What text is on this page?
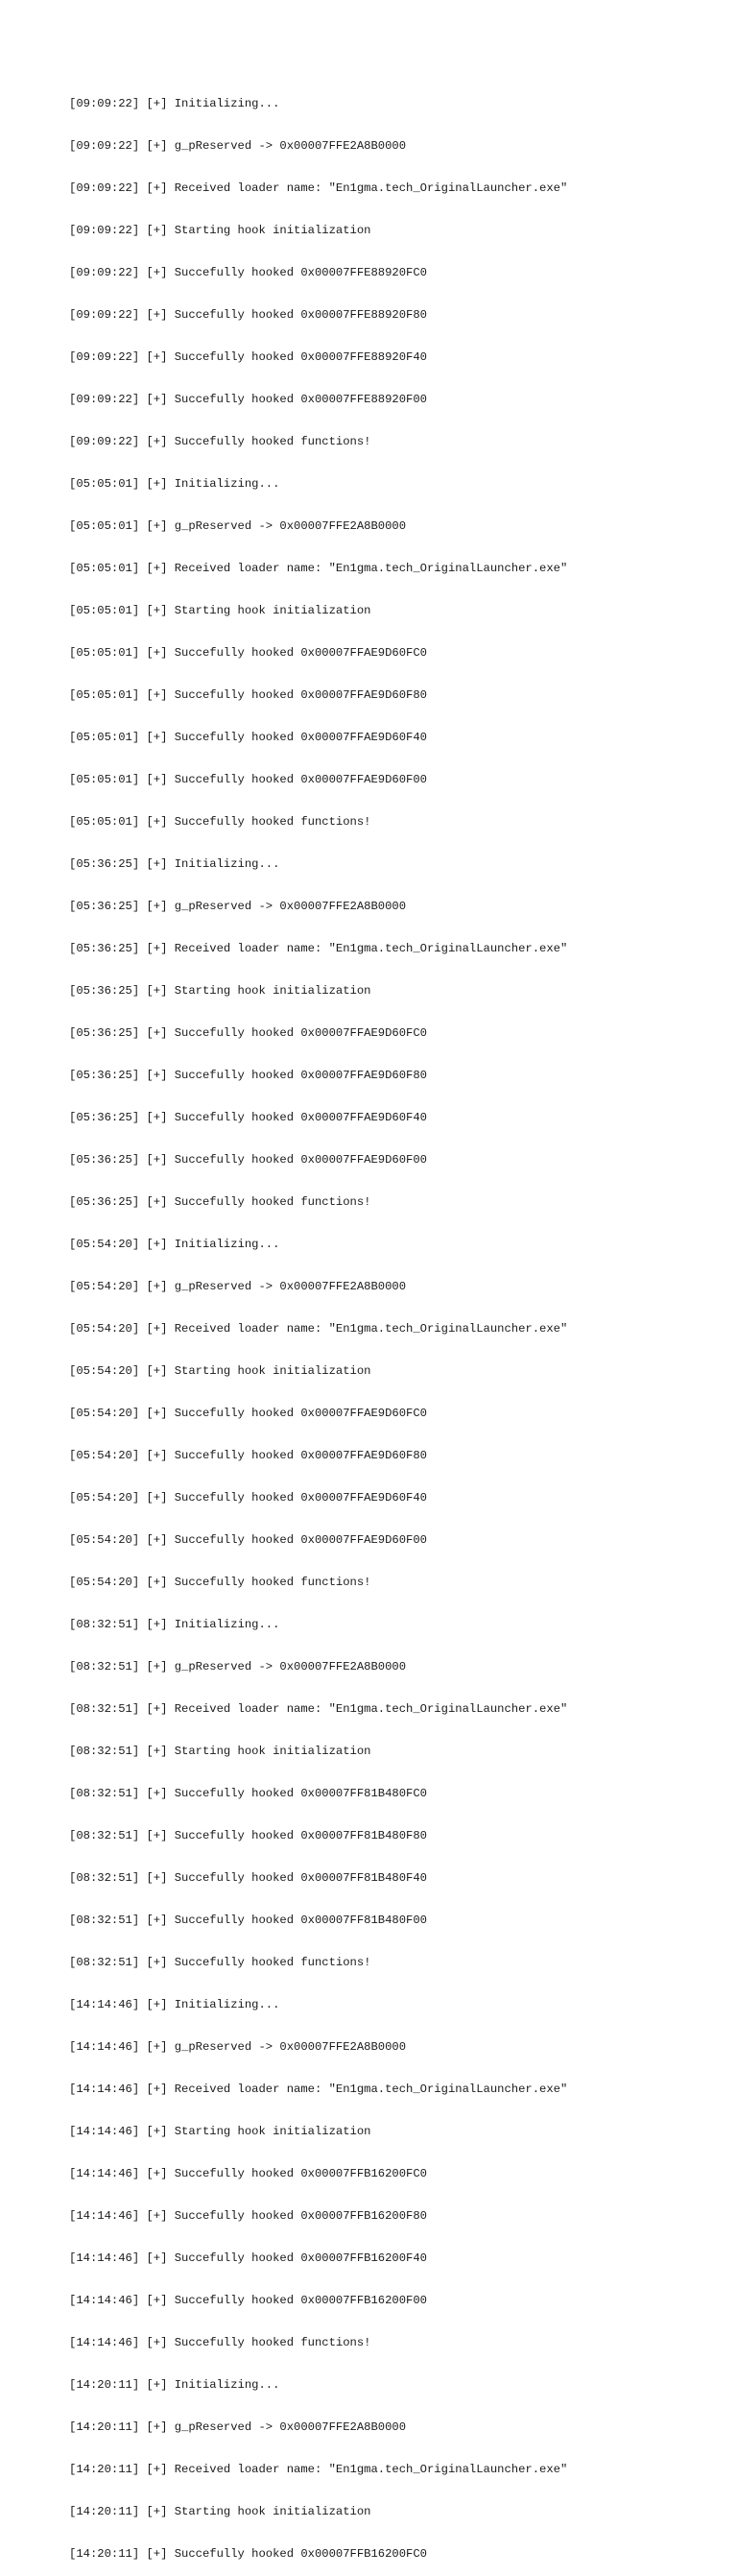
[09:09:22] [+] Initializing...

[09:09:22] [+] g_pReserved -> 0x00007FFE2A8B0000

[09:09:22] [+] Received loader name: "En1gma.tech_OriginalLauncher.exe"

[09:09:22] [+] Starting hook initialization

[09:09:22] [+] Succefully hooked 0x00007FFE88920FC0

[09:09:22] [+] Succefully hooked 0x00007FFE88920F80

[09:09:22] [+] Succefully hooked 0x00007FFE88920F40

[09:09:22] [+] Succefully hooked 0x00007FFE88920F00

[09:09:22] [+] Succefully hooked functions!

[05:05:01] [+] Initializing...

[05:05:01] [+] g_pReserved -> 0x00007FFE2A8B0000

[05:05:01] [+] Received loader name: "En1gma.tech_OriginalLauncher.exe"

[05:05:01] [+] Starting hook initialization

[05:05:01] [+] Succefully hooked 0x00007FFAE9D60FC0

[05:05:01] [+] Succefully hooked 0x00007FFAE9D60F80

[05:05:01] [+] Succefully hooked 0x00007FFAE9D60F40

[05:05:01] [+] Succefully hooked 0x00007FFAE9D60F00

[05:05:01] [+] Succefully hooked functions!

[05:36:25] [+] Initializing...

[05:36:25] [+] g_pReserved -> 0x00007FFE2A8B0000

[05:36:25] [+] Received loader name: "En1gma.tech_OriginalLauncher.exe"

[05:36:25] [+] Starting hook initialization

[05:36:25] [+] Succefully hooked 0x00007FFAE9D60FC0

[05:36:25] [+] Succefully hooked 0x00007FFAE9D60F80

[05:36:25] [+] Succefully hooked 0x00007FFAE9D60F40

[05:36:25] [+] Succefully hooked 0x00007FFAE9D60F00

[05:36:25] [+] Succefully hooked functions!

[05:54:20] [+] Initializing...

[05:54:20] [+] g_pReserved -> 0x00007FFE2A8B0000

[05:54:20] [+] Received loader name: "En1gma.tech_OriginalLauncher.exe"

[05:54:20] [+] Starting hook initialization

[05:54:20] [+] Succefully hooked 0x00007FFAE9D60FC0

[05:54:20] [+] Succefully hooked 0x00007FFAE9D60F80

[05:54:20] [+] Succefully hooked 0x00007FFAE9D60F40

[05:54:20] [+] Succefully hooked 0x00007FFAE9D60F00

[05:54:20] [+] Succefully hooked functions!

[08:32:51] [+] Initializing...

[08:32:51] [+] g_pReserved -> 0x00007FFE2A8B0000

[08:32:51] [+] Received loader name: "En1gma.tech_OriginalLauncher.exe"

[08:32:51] [+] Starting hook initialization

[08:32:51] [+] Succefully hooked 0x00007FF81B480FC0

[08:32:51] [+] Succefully hooked 0x00007FF81B480F80

[08:32:51] [+] Succefully hooked 0x00007FF81B480F40

[08:32:51] [+] Succefully hooked 0x00007FF81B480F00

[08:32:51] [+] Succefully hooked functions!

[14:14:46] [+] Initializing...

[14:14:46] [+] g_pReserved -> 0x00007FFE2A8B0000

[14:14:46] [+] Received loader name: "En1gma.tech_OriginalLauncher.exe"

[14:14:46] [+] Starting hook initialization

[14:14:46] [+] Succefully hooked 0x00007FFB16200FC0

[14:14:46] [+] Succefully hooked 0x00007FFB16200F80

[14:14:46] [+] Succefully hooked 0x00007FFB16200F40

[14:14:46] [+] Succefully hooked 0x00007FFB16200F00

[14:14:46] [+] Succefully hooked functions!

[14:20:11] [+] Initializing...

[14:20:11] [+] g_pReserved -> 0x00007FFE2A8B0000

[14:20:11] [+] Received loader name: "En1gma.tech_OriginalLauncher.exe"

[14:20:11] [+] Starting hook initialization

[14:20:11] [+] Succefully hooked 0x00007FFB16200FC0
